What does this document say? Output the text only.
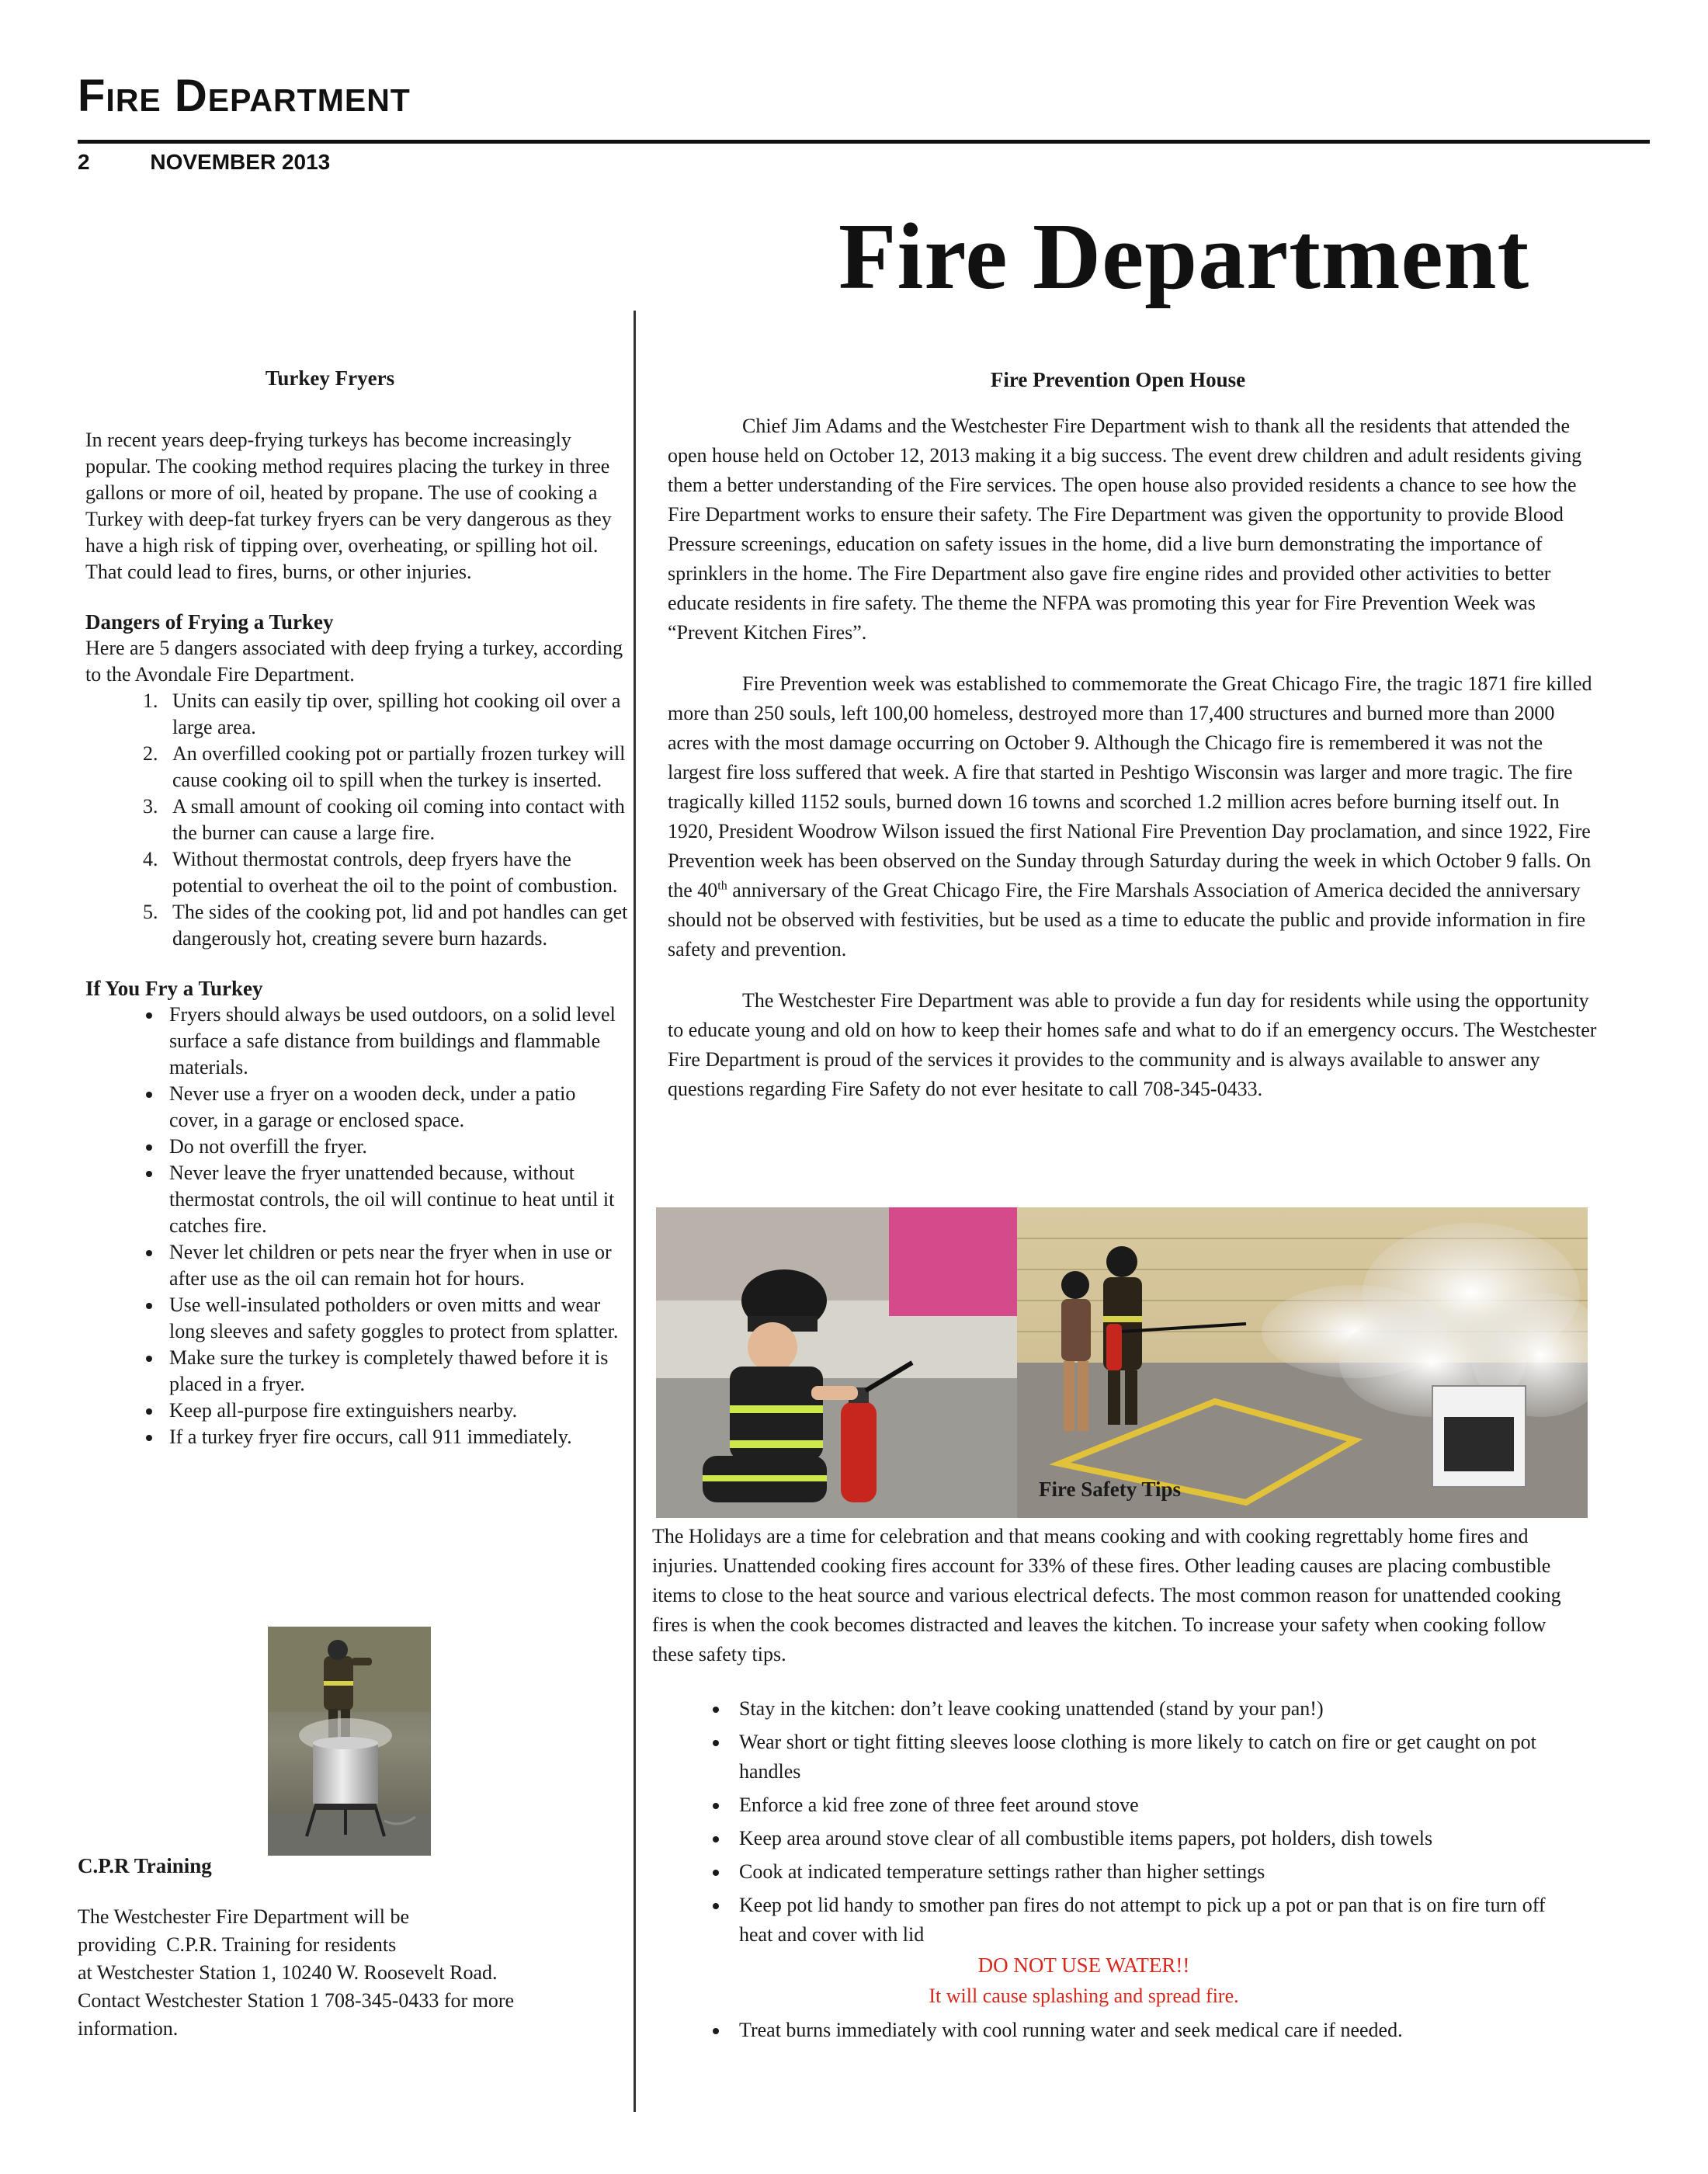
Fire Department
2	NOVEMBER 2013
Fire Department
Turkey Fryers

In recent years deep-frying turkeys has become increasingly popular. The cooking method requires placing the turkey in three gallons or more of oil, heated by propane. The use of cooking a Turkey with deep-fat turkey fryers can be very dangerous as they have a high risk of tipping over, overheating, or spilling hot oil. That could lead to fires, burns, or other injuries.

Dangers of Frying a Turkey

Here are 5 dangers associated with deep frying a turkey, according to the Avondale Fire Department.

1. Units can easily tip over, spilling hot cooking oil over a large area.
2. An overfilled cooking pot or partially frozen turkey will cause cooking oil to spill when the turkey is inserted.
3. A small amount of cooking oil coming into contact with the burner can cause a large fire.
4. Without thermostat controls, deep fryers have the potential to overheat the oil to the point of combustion.
5. The sides of the cooking pot, lid and pot handles can get dangerously hot, creating severe burn hazards.
If You Fry a Turkey
• Fryers should always be used outdoors, on a solid level surface a safe distance from buildings and flammable materials.
• Never use a fryer on a wooden deck, under a patio cover, in a garage or enclosed space.
• Do not overfill the fryer.
• Never leave the fryer unattended because, without thermostat controls, the oil will continue to heat until it catches fire.
• Never let children or pets near the fryer when in use or after use as the oil can remain hot for hours.
• Use well-insulated potholders or oven mitts and wear long sleeves and safety goggles to protect from splatter.
• Make sure the turkey is completely thawed before it is placed in a fryer.
• Keep all-purpose fire extinguishers nearby.
• If a turkey fryer fire occurs, call 911 immediately.
C.P.R Training
The Westchester Fire Department will be
providing  C.P.R. Training for residents
at Westchester Station 1, 10240 W. Roosevelt Road.
Contact Westchester Station 1 708-345-0433 for more
information.
Fire Prevention Open House

Chief Jim Adams and the Westchester Fire Department wish to thank all the residents that attended the open house held on October 12, 2013 making it a big success. The event drew children and adult residents giving them a better understanding of the Fire services. The open house also provided residents a chance to see how the Fire Department works to ensure their safety. The Fire Department was given the opportunity to provide Blood Pressure screenings, education on safety issues in the home, did a live burn demonstrating the importance of sprinklers in the home. The Fire Department also gave fire engine rides and provided other activities to better educate residents in fire safety. The theme the NFPA was promoting this year for Fire Prevention Week was “Prevent Kitchen Fires”.

Fire Prevention week was established to commemorate the Great Chicago Fire, the tragic 1871 fire killed more than 250 souls, left 100,00 homeless, destroyed more than 17,400 structures and burned more than 2000 acres with the most damage occurring on October 9. Although the Chicago fire is remembered it was not the largest fire loss suffered that week. A fire that started in Peshtigo Wisconsin was larger and more tragic. The fire tragically killed 1152 souls, burned down 16 towns and scorched 1.2 million acres before burning itself out. In 1920, President Woodrow Wilson issued the first National Fire Prevention Day proclamation, and since 1922, Fire Prevention week has been observed on the Sunday through Saturday during the week in which October 9 falls. On the 40th anniversary of the Great Chicago Fire, the Fire Marshals Association of America decided the anniversary should not be observed with festivities, but be used as a time to educate the public and provide information in fire safety and prevention.

The Westchester Fire Department was able to provide a fun day for residents while using the opportunity to educate young and old on how to keep their homes safe and what to do if an emergency occurs. The Westchester Fire Department is proud of the services it provides to the community and is always available to answer any questions regarding Fire Safety do not ever hesitate to call 708-345-0433.

Fire Safety Tips

The Holidays are a time for celebration and that means cooking and with cooking regrettably home fires and injuries. Unattended cooking fires account for 33% of these fires. Other leading causes are placing combustible items to close to the heat source and various electrical defects. The most common reason for unattended cooking fires is when the cook becomes distracted and leaves the kitchen. To increase your safety when cooking follow these safety tips.

• Stay in the kitchen: don’t leave cooking unattended (stand by your pan!)
• Wear short or tight fitting sleeves loose clothing is more likely to catch on fire or get caught on pot handles
• Enforce a kid free zone of three feet around stove
• Keep area around stove clear of all combustible items papers, pot holders, dish towels
• Cook at indicated temperature settings rather than higher settings
• Keep pot lid handy to smother pan fires do not attempt to pick up a pot or pan that is on fire turn off heat and cover with lid
DO NOT USE WATER!!
It will cause splashing and spread fire.
• Treat burns immediately with cool running water and seek medical care if needed.
